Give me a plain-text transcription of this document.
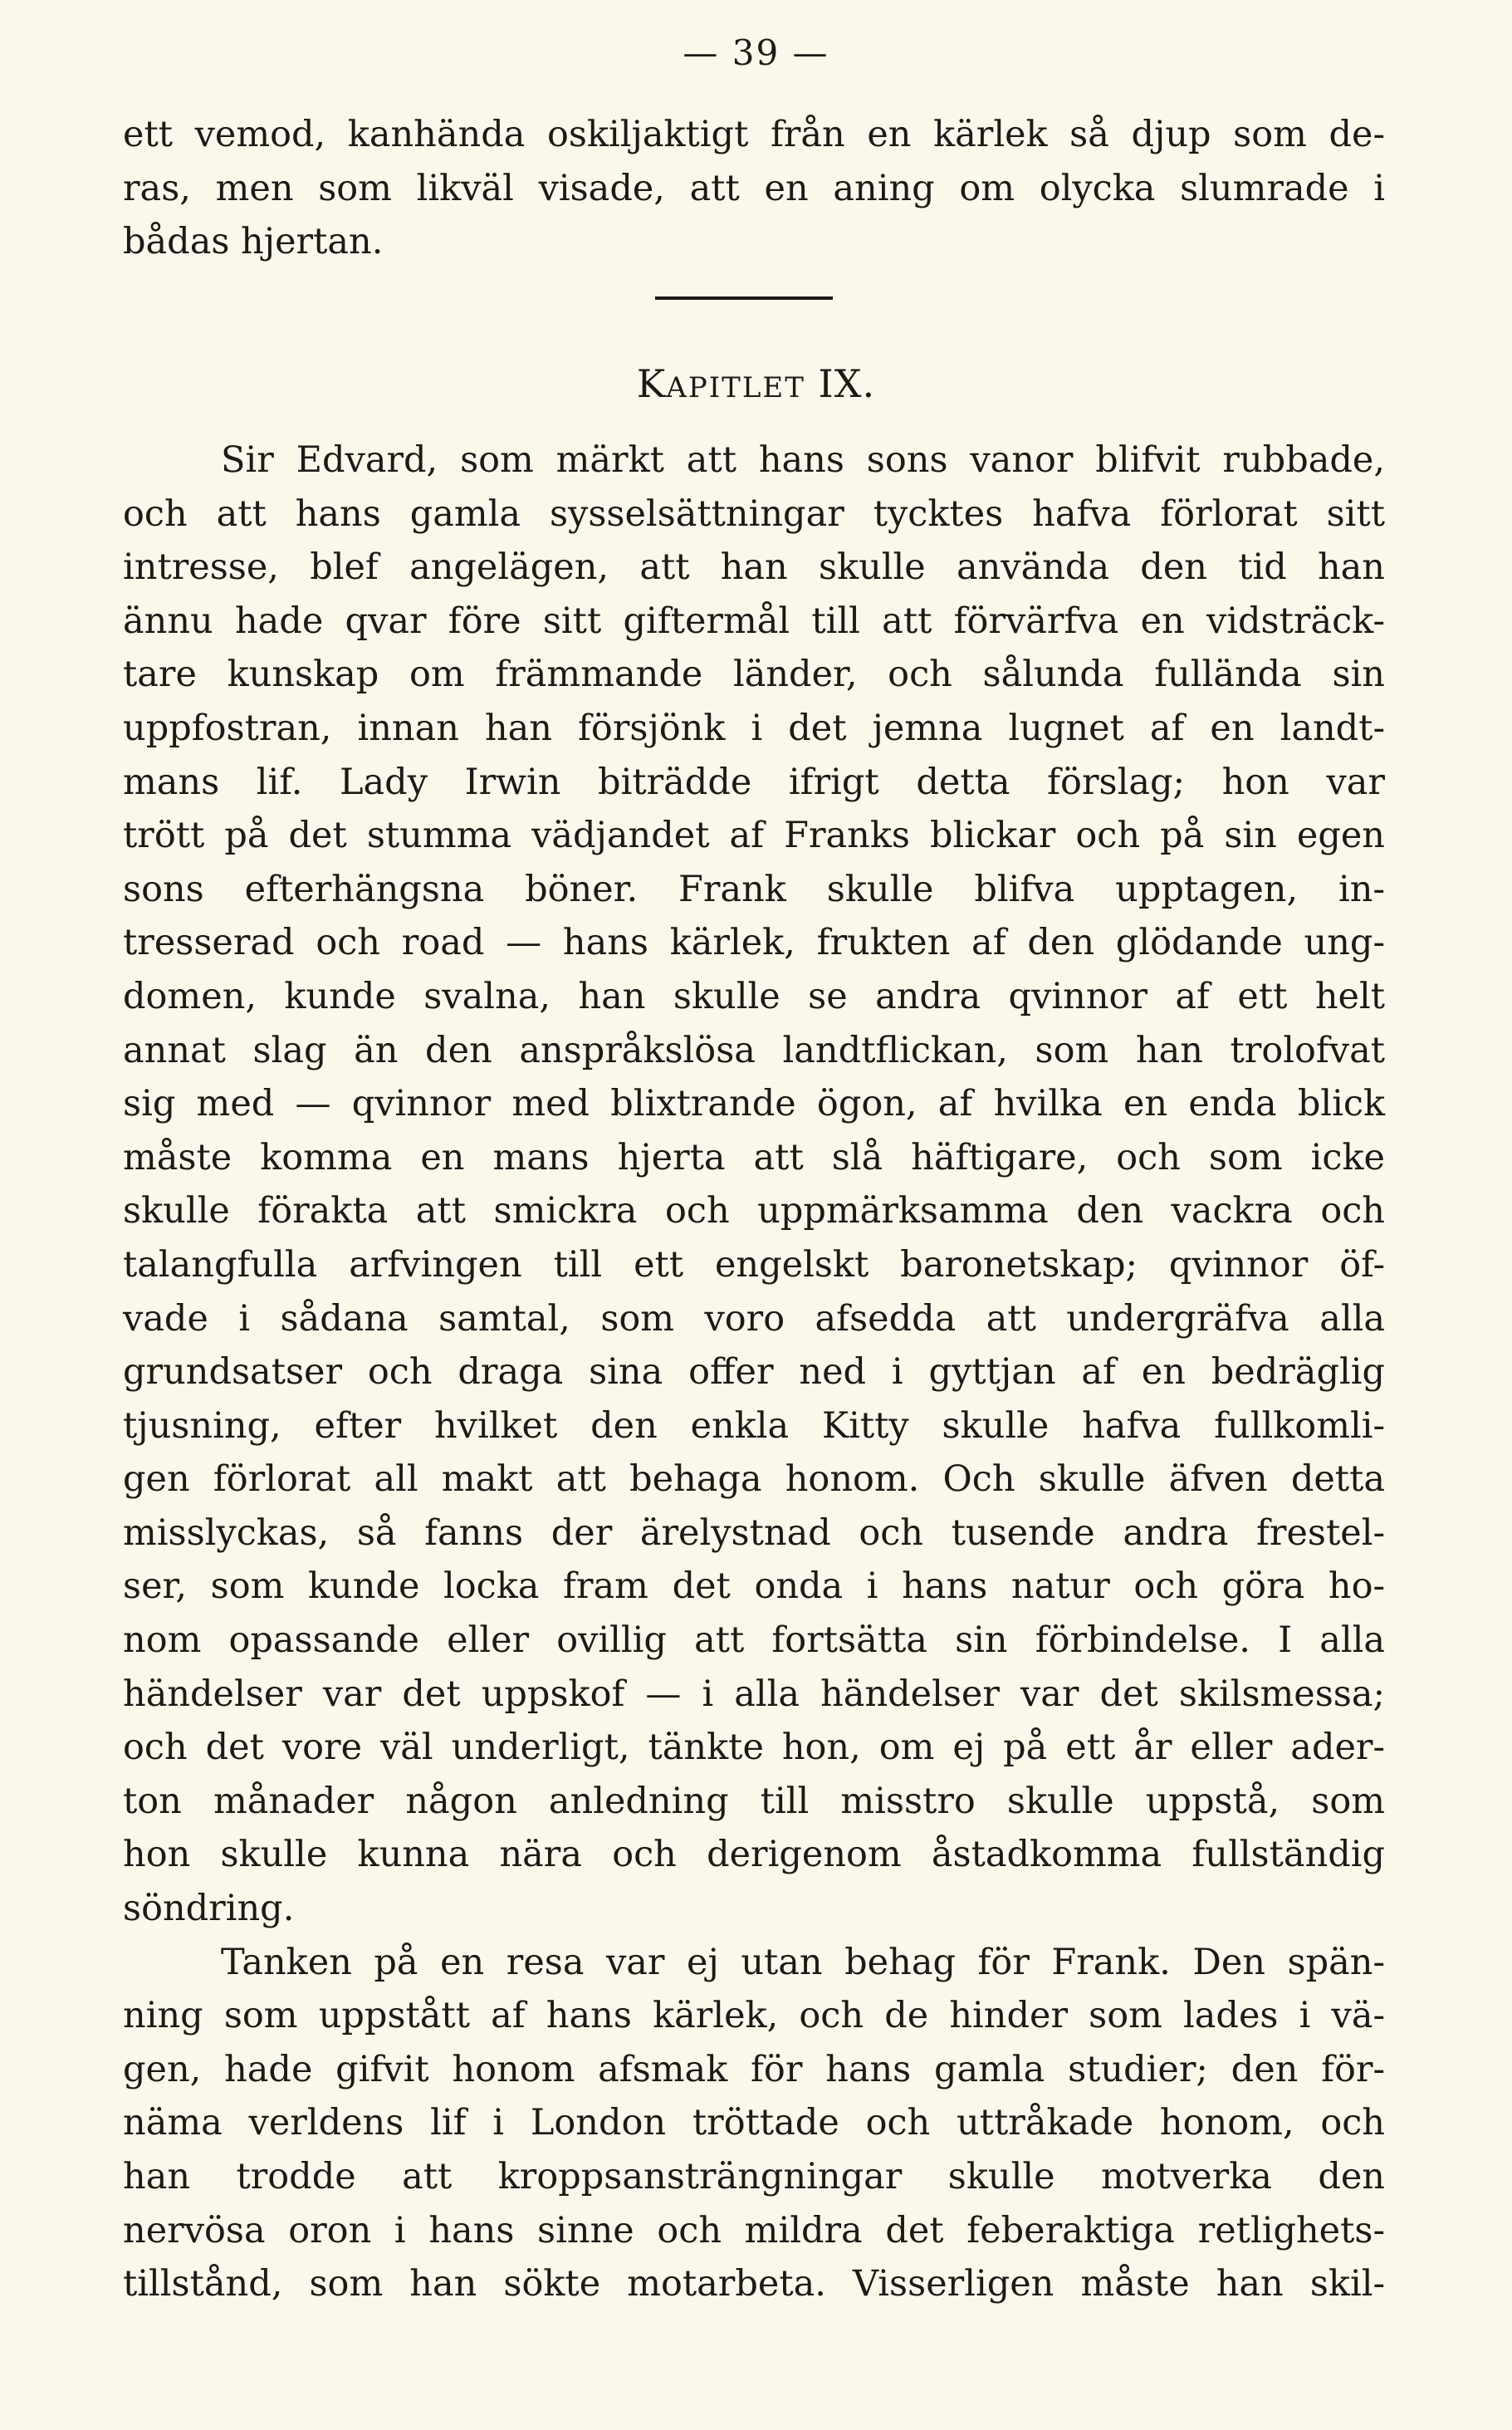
— 39 —
ett vemod, kanhända oskiljaktigt från en kärlek så djup som de-
ras, men som likväl visade, att en aning om olycka slumrade i
bådas hjertan.
KAPITLET IX.
Sir Edvard, som märkt att hans sons vanor blifvit rubbade,
och att hans gamla sysselsättningar tycktes hafva förlorat sitt
intresse, blef angelägen, att han skulle använda den tid han
ännu hade qvar före sitt giftermål till att förvärfva en vidsträck-
tare kunskap om främmande länder, och sålunda fullända sin
uppfostran, innan han försjönk i det jemna lugnet af en landt-
mans lif. Lady Irwin biträdde ifrigt detta förslag; hon var
trött på det stumma vädjandet af Franks blickar och på sin egen
sons efterhängsna böner. Frank skulle blifva upptagen, in-
tresserad och road — hans kärlek, frukten af den glödande ung-
domen, kunde svalna, han skulle se andra qvinnor af ett helt
annat slag än den anspråkslösa landtflickan, som han trolofvat
sig med — qvinnor med blixtrande ögon, af hvilka en enda blick
måste komma en mans hjerta att slå häftigare, och som icke
skulle förakta att smickra och uppmärksamma den vackra och
talangfulla arfvingen till ett engelskt baronetskap; qvinnor öf-
vade i sådana samtal, som voro afsedda att undergräfva alla
grundsatser och draga sina offer ned i gyttjan af en bedräglig
tjusning, efter hvilket den enkla Kitty skulle hafva fullkomli-
gen förlorat all makt att behaga honom. Och skulle äfven detta
misslyckas, så fanns der ärelystnad och tusende andra frestel-
ser, som kunde locka fram det onda i hans natur och göra ho-
nom opassande eller ovillig att fortsätta sin förbindelse. I alla
händelser var det uppskof — i alla händelser var det skilsmessa;
och det vore väl underligt, tänkte hon, om ej på ett år eller ader-
ton månader någon anledning till misstro skulle uppstå, som
hon skulle kunna nära och derigenom åstadkomma fullständig
söndring.
Tanken på en resa var ej utan behag för Frank. Den spän-
ning som uppstått af hans kärlek, och de hinder som lades i vä-
gen, hade gifvit honom afsmak för hans gamla studier; den för-
näma verldens lif i London tröttade och uttråkade honom, och
han trodde att kroppsansträngningar skulle motverka den
nervösa oron i hans sinne och mildra det feberaktiga retlighets-
tillstånd, som han sökte motarbeta. Visserligen måste han skil-
